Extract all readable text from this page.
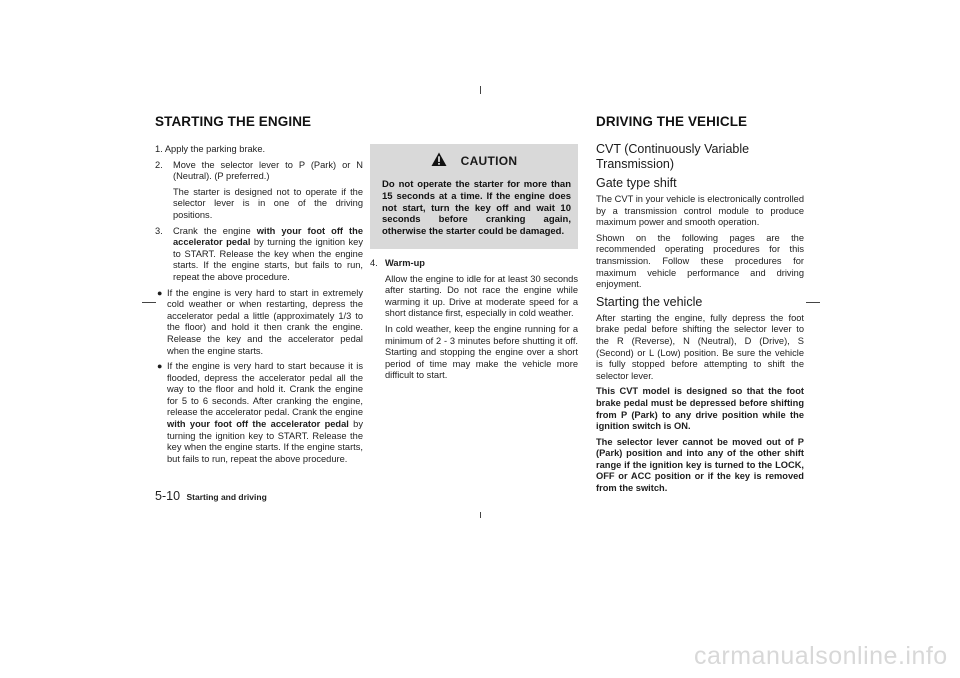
STARTING THE ENGINE

1. Apply the parking brake.

2. Move the selector lever to P (Park) or N (Neutral). (P preferred.)

The starter is designed not to operate if the selector lever is in one of the driving positions.

3. Crank the engine with your foot off the accelerator pedal by turning the ignition key to START. Release the key when the engine starts. If the engine starts, but fails to run, repeat the above procedure.

● If the engine is very hard to start in extremely cold weather or when restarting, depress the accelerator pedal a little (approximately 1/3 to the floor) and hold it then crank the engine. Release the key and the accelerator pedal when the engine starts.

● If the engine is very hard to start because it is flooded, depress the accelerator pedal all the way to the floor and hold it. Crank the engine for 5 to 6 seconds. After cranking the engine, release the accelerator pedal. Crank the engine with your foot off the accelerator pedal by turning the ignition key to START. Release the key when the engine starts. If the engine starts, but fails to run, repeat the above procedure.

CAUTION
Do not operate the starter for more than 15 seconds at a time. If the engine does not start, turn the key off and wait 10 seconds before cranking again, otherwise the starter could be damaged.
4. Warm-up

Allow the engine to idle for at least 30 seconds after starting. Do not race the engine while warming it up. Drive at moderate speed for a short distance first, especially in cold weather.

In cold weather, keep the engine running for a minimum of 2 - 3 minutes before shutting it off. Starting and stopping the engine over a short period of time may make the vehicle more difficult to start.

DRIVING THE VEHICLE
CVT (Continuously Variable Transmission)
Gate type shift

The CVT in your vehicle is electronically controlled by a transmission control module to produce maximum power and smooth operation.

Shown on the following pages are the recommended operating procedures for this transmission. Follow these procedures for maximum vehicle performance and driving enjoyment.

Starting the vehicle

After starting the engine, fully depress the foot brake pedal before shifting the selector lever to the R (Reverse), N (Neutral), D (Drive), S (Second) or L (Low) position. Be sure the vehicle is fully stopped before attempting to shift the selector lever.

This CVT model is designed so that the foot brake pedal must be depressed before shifting from P (Park) to any drive position while the ignition switch is ON.

The selector lever cannot be moved out of P (Park) position and into any of the other shift range if the ignition key is turned to the LOCK, OFF or ACC position or if the key is removed from the switch.

5-10 Starting and driving
carmanualsonline.info
